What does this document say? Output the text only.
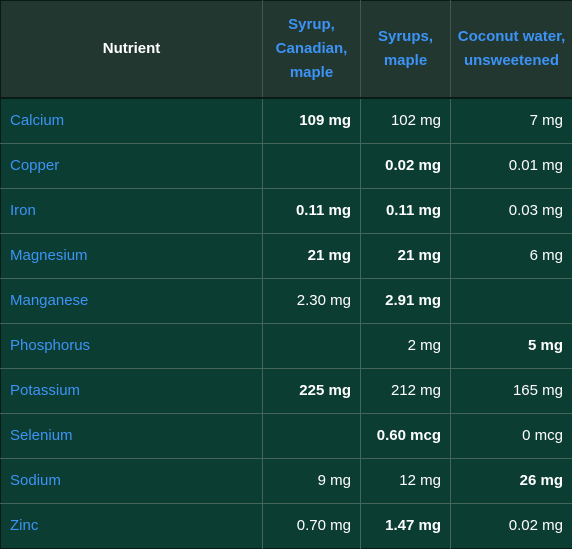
Nutrient	Syrup, Canadian, maple	Syrups, maple	Coconut water, unsweetened
Calcium	109 mg	102 mg	7 mg
Copper		0.02 mg	0.01 mg
Iron	0.11 mg	0.11 mg	0.03 mg
Magnesium	21 mg	21 mg	6 mg
Manganese	2.30 mg	2.91 mg	
Phosphorus		2 mg	5 mg
Potassium	225 mg	212 mg	165 mg
Selenium		0.60 mcg	0 mcg
Sodium	9 mg	12 mg	26 mg
Zinc	0.70 mg	1.47 mg	0.02 mg
